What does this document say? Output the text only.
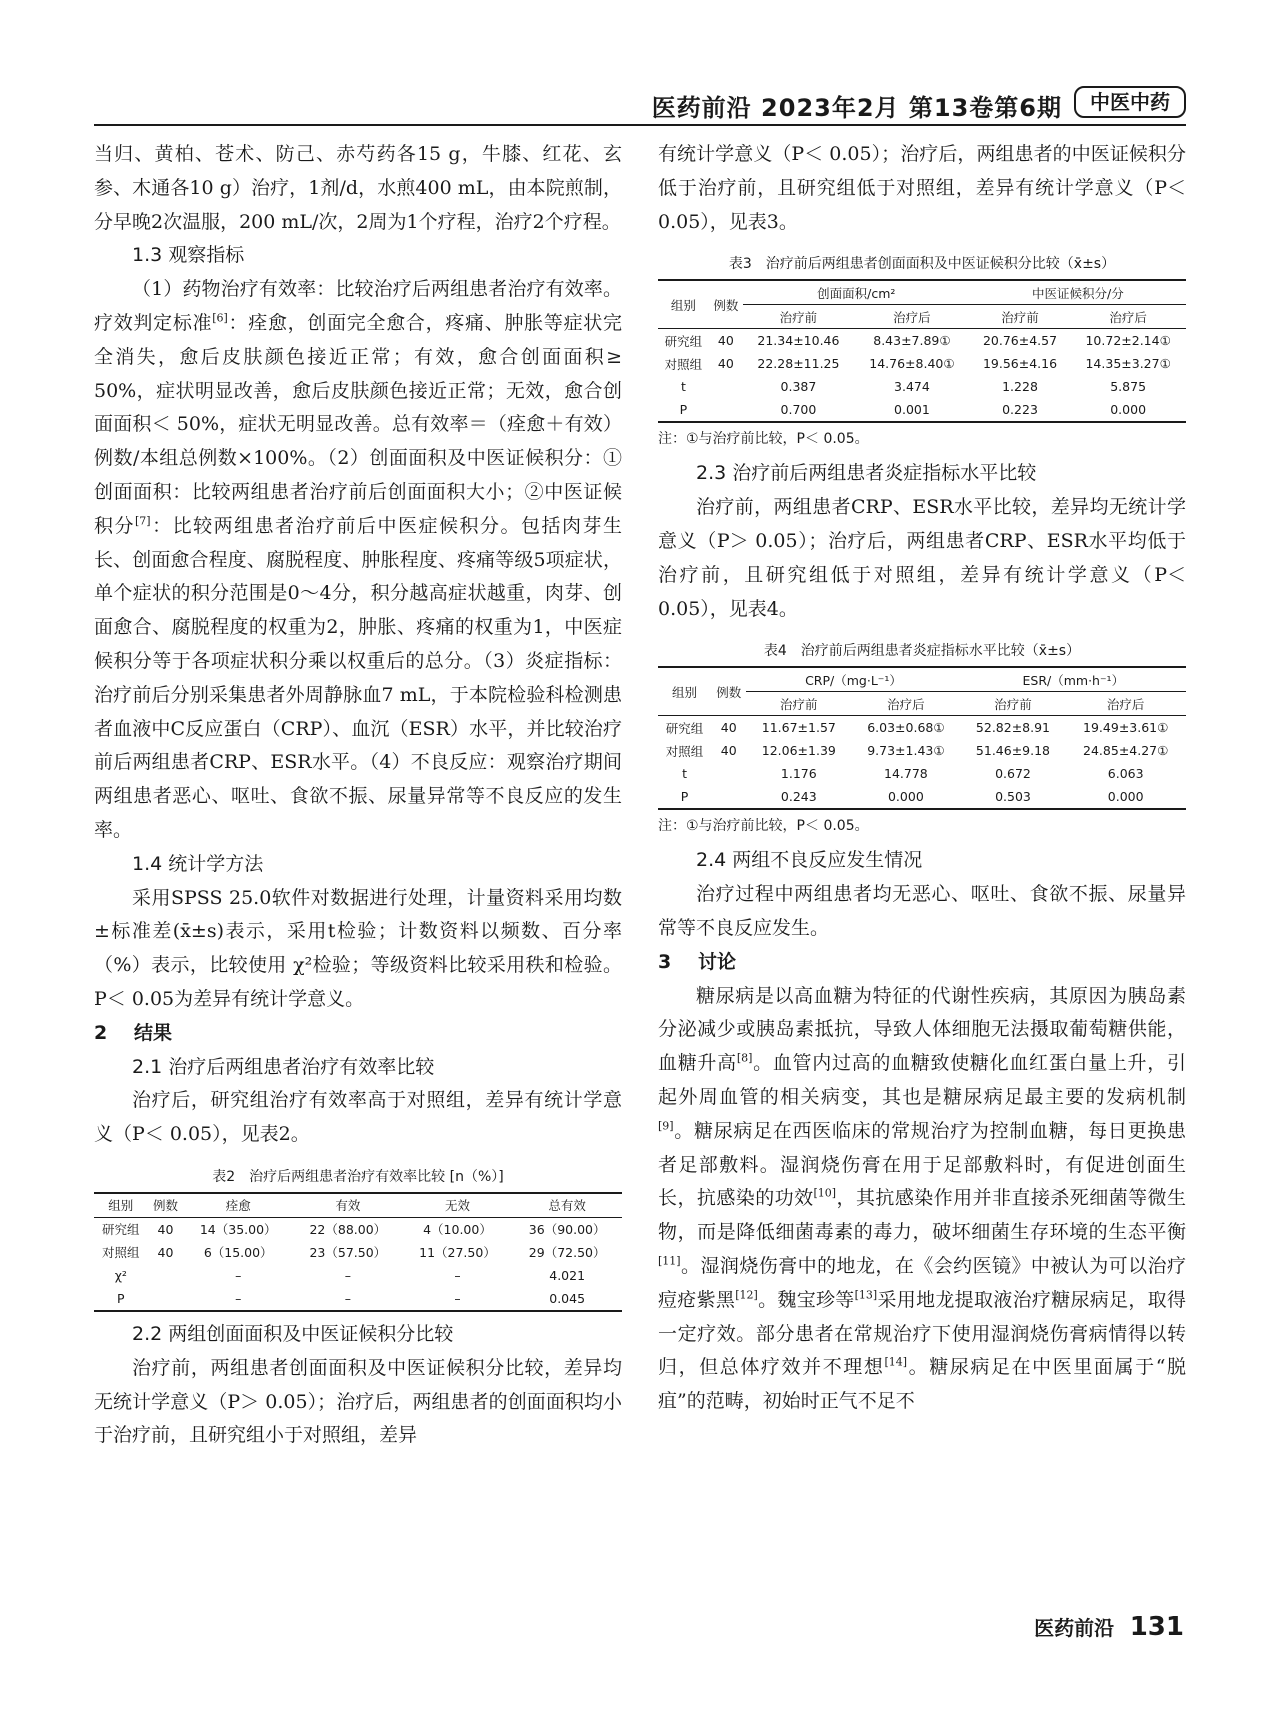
医药前沿 2023年2月 第13卷第6期	中医中药

当归、黄柏、苍术、防己、赤芍药各15 g，牛膝、红花、玄参、木通各10 g）治疗，1剂/d，水煎400 mL，由本院煎制，分早晚2次温服，200 mL/次，2周为1个疗程，治疗2个疗程。

1.3 观察指标

（1）药物治疗有效率：比较治疗后两组患者治疗有效率。疗效判定标准[6]：痊愈，创面完全愈合，疼痛、肿胀等症状完全消失，愈后皮肤颜色接近正常；有效，愈合创面面积≥ 50%，症状明显改善，愈后皮肤颜色接近正常；无效，愈合创面面积＜ 50%，症状无明显改善。总有效率＝（痊愈＋有效）例数/本组总例数×100%。（2）创面面积及中医证候积分：①创面面积：比较两组患者治疗前后创面面积大小；②中医证候积分[7]：比较两组患者治疗前后中医症候积分。包括肉芽生长、创面愈合程度、腐脱程度、肿胀程度、疼痛等级5项症状，单个症状的积分范围是0～4分，积分越高症状越重，肉芽、创面愈合、腐脱程度的权重为2，肿胀、疼痛的权重为1，中医症候积分等于各项症状积分乘以权重后的总分。（3）炎症指标：治疗前后分别采集患者外周静脉血7 mL，于本院检验科检测患者血液中C反应蛋白（CRP）、血沉（ESR）水平，并比较治疗前后两组患者CRP、ESR水平。（4）不良反应：观察治疗期间两组患者恶心、呕吐、食欲不振、尿量异常等不良反应的发生率。

1.4 统计学方法

采用SPSS 25.0软件对数据进行处理，计量资料采用均数±标准差(x̄±s)表示，采用t检验；计数资料以频数、百分率（%）表示，比较使用 χ²检验；等级资料比较采用秩和检验。P＜ 0.05为差异有统计学意义。

2 结果

2.1 治疗后两组患者治疗有效率比较

治疗后，研究组治疗有效率高于对照组，差异有统计学意义（P＜ 0.05），见表2。

表2　治疗后两组患者治疗有效率比较 [n（%）]
组别	例数	痊愈	有效	无效	总有效
研究组	40	14（35.00）	22（88.00）	4（10.00）	36（90.00）
对照组	40	6（15.00）	23（57.50）	11（27.50）	29（72.50）
χ²		–	–	–	4.021
P		–	–	–	0.045

2.2 两组创面面积及中医证候积分比较

治疗前，两组患者创面面积及中医证候积分比较，差异均无统计学意义（P＞ 0.05）；治疗后，两组患者的创面面积均小于治疗前，且研究组小于对照组，差异

有统计学意义（P＜ 0.05）；治疗后，两组患者的中医证候积分低于治疗前，且研究组低于对照组，差异有统计学意义（P＜ 0.05），见表3。

表3　治疗前后两组患者创面面积及中医证候积分比较（x̄±s）
组别	例数	创面面积/cm²		中医证候积分/分	
		治疗前	治疗后	治疗前	治疗后
研究组	40	21.34±10.46	8.43±7.89①	20.76±4.57	10.72±2.14①
对照组	40	22.28±11.25	14.76±8.40①	19.56±4.16	14.35±3.27①
t		0.387	3.474	1.228	5.875
P		0.700	0.001	0.223	0.000
注：①与治疗前比较，P＜ 0.05。

2.3 治疗前后两组患者炎症指标水平比较

治疗前，两组患者CRP、ESR水平比较，差异均无统计学意义（P＞ 0.05）；治疗后，两组患者CRP、ESR水平均低于治疗前，且研究组低于对照组，差异有统计学意义（P＜ 0.05），见表4。

表4　治疗前后两组患者炎症指标水平比较（x̄±s）
组别	例数	CRP/（mg·L⁻¹）		ESR/（mm·h⁻¹）	
		治疗前	治疗后	治疗前	治疗后
研究组	40	11.67±1.57	6.03±0.68①	52.82±8.91	19.49±3.61①
对照组	40	12.06±1.39	9.73±1.43①	51.46±9.18	24.85±4.27①
t		1.176	14.778	0.672	6.063
P		0.243	0.000	0.503	0.000
注：①与治疗前比较，P＜ 0.05。

2.4 两组不良反应发生情况

治疗过程中两组患者均无恶心、呕吐、食欲不振、尿量异常等不良反应发生。

3 讨论

糖尿病是以高血糖为特征的代谢性疾病，其原因为胰岛素分泌减少或胰岛素抵抗，导致人体细胞无法摄取葡萄糖供能，血糖升高[8]。血管内过高的血糖致使糖化血红蛋白量上升，引起外周血管的相关病变，其也是糖尿病足最主要的发病机制[9]。糖尿病足在西医临床的常规治疗为控制血糖，每日更换患者足部敷料。湿润烧伤膏在用于足部敷料时，有促进创面生长，抗感染的功效[10]，其抗感染作用并非直接杀死细菌等微生物，而是降低细菌毒素的毒力，破坏细菌生存环境的生态平衡[11]。湿润烧伤膏中的地龙，在《会约医镜》中被认为可以治疗痘疮紫黑[12]。魏宝珍等[13]采用地龙提取液治疗糖尿病足，取得一定疗效。部分患者在常规治疗下使用湿润烧伤膏病情得以转归，但总体疗效并不理想[14]。糖尿病足在中医里面属于“脱疽”的范畴，初始时正气不足不

医药前沿 131
